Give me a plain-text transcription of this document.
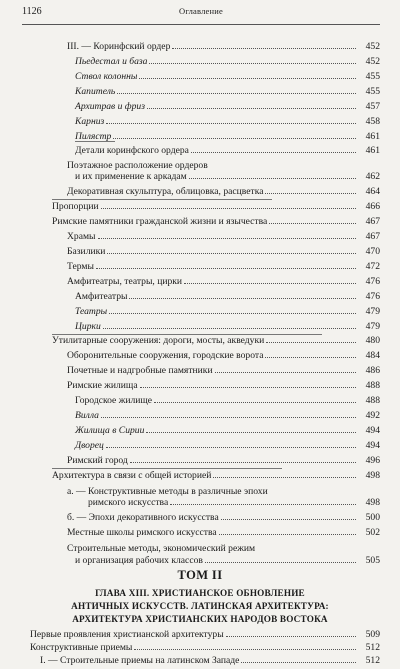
1126	Оглавление
III. — Коринфский ордер	452
Пьедестал и база	452
Ствол колонны	455
Капитель	455
Архитрав и фриз	457
Карниз	458
Пилястр	461
Детали коринфского ордера	461
Поэтажное расположение ордеров
и их применение к аркадам	462
Декоративная скульптура, облицовка, расцветка	464
Пропорции	466
Римские памятники гражданской жизни и язычества	467
Храмы	467
Базилики	470
Термы	472
Амфитеатры, театры, цирки	476
Амфитеатры	476
Театры	479
Цирки	479
Утилитарные сооружения: дороги, мосты, акведуки	480
Оборонительные сооружения, городские ворота	484
Почетные и надгробные памятники	486
Римские жилища	488
Городское жилище	488
Вилла	492
Жилища в Сирии	494
Дворец	494
Римский город	496
Архитектура в связи с общей историей	498
а. — Конструктивные методы в различные эпохи
римского искусства	498
б. — Эпохи декоративного искусства	500
Местные школы римского искусства	502
Строительные методы, экономический режим
и организация рабочих классов	505
ТОМ II
ГЛАВА XIII. ХРИСТИАНСКОЕ ОБНОВЛЕНИЕ
АНТИЧНЫХ ИСКУССТВ. ЛАТИНСКАЯ АРХИТЕКТУРА:
АРХИТЕКТУРА ХРИСТИАНСКИХ НАРОДОВ ВОСТОКА
Первые проявления христианской архитектуры	509
Конструктивные приемы	512
I. — Строительные приемы на латинском Западе	512
